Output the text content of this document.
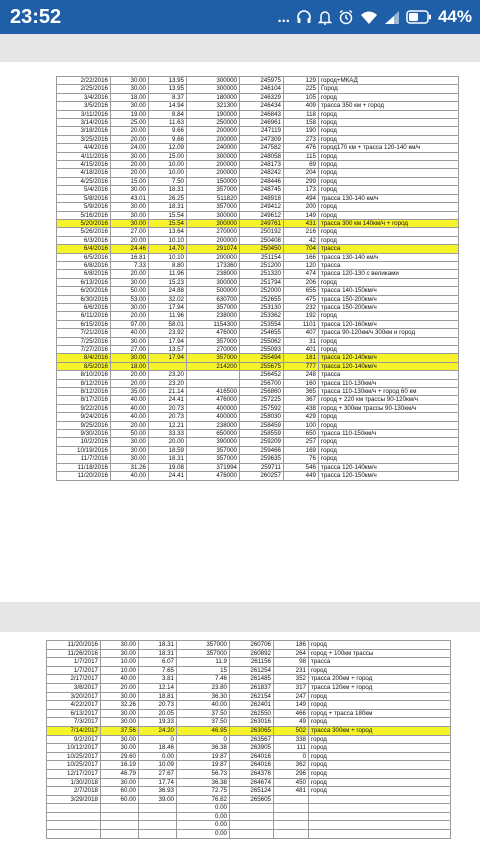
23:52	...	44%
2/22/2016	30.00	13.95	300000	245975	129	город+МКАД
2/25/2016	30.00	13.95	300000	246104	225	Город
3/4/2016	18.00	8.37	180000	246329	105	город
3/5/2016	30.00	14.94	321300	246434	409	трасса 350 км + город
3/11/2016	19.00	8.84	190000	246843	118	город
3/14/2016	25.00	11.63	250000	246961	158	город
3/18/2016	20.00	9.66	200000	247119	190	город
3/25/2016	20.00	9.66	200000	247309	273	город
4/4/2016	24.00	12.09	240000	247582	476	город170 км + трасса 120-140 км/ч
4/11/2016	30.00	15.00	300000	248058	115	город
4/15/2016	20.00	10.00	200000	248173	69	город
4/18/2016	20.00	10.00	200000	248242	204	город
4/25/2016	15.00	7.50	150000	248446	299	город
5/4/2016	30.00	18.31	357000	248745	173	город
5/8/2016	43.01	26.25	511820	248918	494	трасса 130-140 км/ч
5/9/2016	30.00	18.31	357000	249412	200	город
5/16/2016	30.00	15.54	300000	249612	149	город
5/20/2016	30.00	15.54	300000	249761	431	трасса 300 км 140км/ч + город
5/26/2016	27.00	13.64	270000	250192	216	город
6/3/2016	20.00	10.10	200000	250408	42	город
6/4/2016	24.46	14.70	291074	250450	704	трасса
6/5/2016	16.81	10.10	200000	251154	166	трасса 130-140 км/ч
6/8/2016	7.33	8.80	173360	251200	120	трасса
6/8/2016	20.00	11.96	238000	251320	474	трасса 120-130 с великами
6/13/2016	30.00	15.23	300000	251794	206	город
6/20/2016	50.00	24.88	500000	252000	655	трасса 140-150км/ч
6/30/2016	53.00	32.02	630700	252655	475	трасса 150-200км/ч
6/6/2016	30.00	17.94	357000	253130	232	трасса 150-200км/ч
6/11/2016	20.00	11.96	238000	253362	192	город
6/15/2016	97.00	58.01	1154300	253554	1101	трасса 120-160км/ч
7/21/2016	40.00	23.92	476000	254655	407	трасса 90-120км/ч 300км и город
7/25/2016	30.00	17.94	357000	255062	31	город
7/27/2016	27.00	13.57	270000	255093	401	город
8/4/2016	30.00	17.94	357000	255494	181	трасса 120-140км/ч
8/5/2016	18.00		214200	255675	777	трасса 120-140км/ч
8/10/2016	20.00	23.20		256452	248	трасса
8/12/2016	20.00	23.20		256700	160	трасса 110-130км/ч
8/12/2016	35.00	21.14	416500	256860	365	трасса 110-130км/ч + город 60 км
8/17/2016	40.00	24.41	476000	257225	367	город + 220 км трассы 90-120км/ч
9/22/2016	40.00	20.73	400000	257592	438	город + 300км трассы 90-130км/ч
9/24/2016	40.00	20.73	400000	258030	429	город
9/25/2016	20.00	12.21	238000	258459	100	город
9/30/2016	50.00	33.33	650000	258559	650	трасса 110-150км/ч
10/2/2016	30.00	20.00	390000	259209	257	город
10/19/2016	30.00	18.59	357000	259466	169	город
11/7/2016	30.00	18.31	357000	259635	76	город
11/18/2016	31.26	19.08	371994	259711	546	трасса 120-140км/ч
11/20/2016	40.00	24.41	476000	260257	449	трасса 120-150км/ч
11/20/2016	30.00	18.31	357000	260706	186	город
11/26/2016	30.00	18.31	357000	260892	264	город + 100км трассы
1/7/2017	10.00	6.07	11.9	261156	98	трасса
1/7/2017	10.00	7.65	15	261254	231	город
2/17/2017	40.00	3.81	7.46	261485	352	трасса 200км + город
3/8/2017	20.00	12.14	23.80	261837	317	трасса 120км + город
3/20/2017	30.00	18.81	36.30	262154	247	город
4/22/2017	32.26	20.73	40.00	262401	149	город
6/13/2017	30.00	20.05	37.50	262550	466	город + трасса 180км
7/3/2017	30.00	19.33	37.50	263016	49	город
7/14/2017	37.56	24.20	46.95	263065	502	трасса 300км + город
9/2/2017	30.00	0	0	263567	338	город
10/12/2017	30.00	18.46	36.38	263905	111	город
10/25/2017	29.60	0.00	19.87	264016	0	город
10/25/2017	16.19	10.09	19.87	264016	362	город
12/17/2017	46.79	27.67	56.73	264378	296	город
1/30/2018	30.00	17.74	36.38	264674	450	город
2/7/2018	60.00	36.93	72.75	265124	481	город
3/29/2018	60.00	39.00	76.82	265605		
			0.00			
			0.00			
			0.00			
			0.00			
